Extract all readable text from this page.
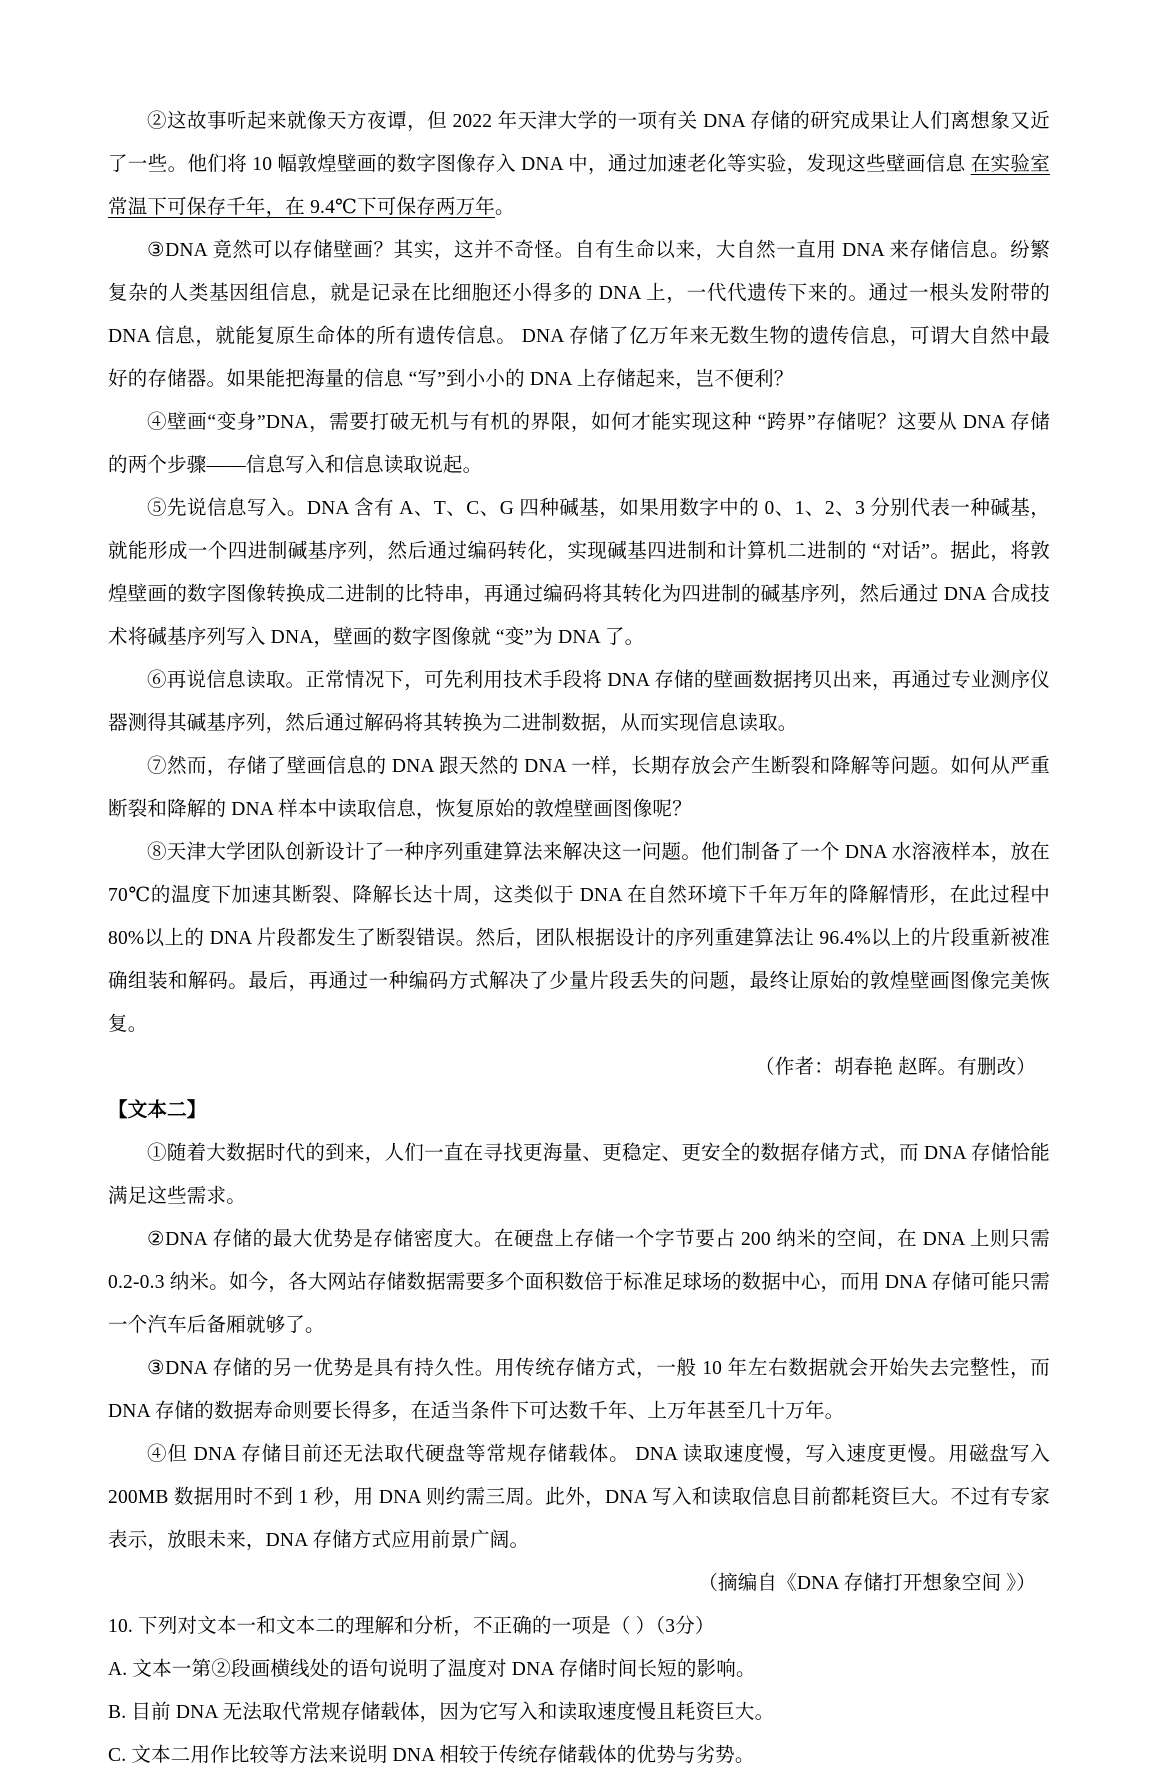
②这故事听起来就像天方夜谭，但 2022 年天津大学的一项有关 DNA 存储的研究成果让人们离想象又近了一些。他们将 10 幅敦煌壁画的数字图像存入 DNA 中，通过加速老化等实验，发现这些壁画信息 在实验室常温下可保存千年，在 9.4℃下可保存两万年。

③DNA 竟然可以存储壁画？其实，这并不奇怪。自有生命以来，大自然一直用 DNA 来存储信息。纷繁复杂的人类基因组信息，就是记录在比细胞还小得多的 DNA 上，一代代遗传下来的。通过一根头发附带的 DNA 信息，就能复原生命体的所有遗传信息。 DNA 存储了亿万年来无数生物的遗传信息，可谓大自然中最好的存储器。如果能把海量的信息 “写”到小小的 DNA 上存储起来，岂不便利？

④壁画“变身”DNA，需要打破无机与有机的界限，如何才能实现这种 “跨界”存储呢？这要从 DNA 存储的两个步骤——信息写入和信息读取说起。

⑤先说信息写入。DNA 含有 A、T、C、G 四种碱基，如果用数字中的 0、1、2、3 分别代表一种碱基，就能形成一个四进制碱基序列，然后通过编码转化，实现碱基四进制和计算机二进制的 “对话”。据此，将敦煌壁画的数字图像转换成二进制的比特串，再通过编码将其转化为四进制的碱基序列，然后通过 DNA 合成技术将碱基序列写入 DNA，壁画的数字图像就 “变”为 DNA 了。

⑥再说信息读取。正常情况下，可先利用技术手段将 DNA 存储的壁画数据拷贝出来，再通过专业测序仪器测得其碱基序列，然后通过解码将其转换为二进制数据，从而实现信息读取。

⑦然而，存储了壁画信息的 DNA 跟天然的 DNA 一样，长期存放会产生断裂和降解等问题。如何从严重断裂和降解的 DNA 样本中读取信息，恢复原始的敦煌壁画图像呢？

⑧天津大学团队创新设计了一种序列重建算法来解决这一问题。他们制备了一个 DNA 水溶液样本，放在70℃的温度下加速其断裂、降解长达十周，这类似于 DNA 在自然环境下千年万年的降解情形，在此过程中 80%以上的 DNA 片段都发生了断裂错误。然后，团队根据设计的序列重建算法让 96.4%以上的片段重新被准确组装和解码。最后，再通过一种编码方式解决了少量片段丢失的问题，最终让原始的敦煌壁画图像完美恢复。

（作者：胡春艳 赵晖。有删改）

【文本二】

①随着大数据时代的到来，人们一直在寻找更海量、更稳定、更安全的数据存储方式，而 DNA 存储恰能满足这些需求。

②DNA 存储的最大优势是存储密度大。在硬盘上存储一个字节要占 200 纳米的空间，在 DNA 上则只需0.2-0.3 纳米。如今，各大网站存储数据需要多个面积数倍于标准足球场的数据中心，而用 DNA 存储可能只需一个汽车后备厢就够了。

③DNA 存储的另一优势是具有持久性。用传统存储方式，一般 10 年左右数据就会开始失去完整性，而DNA 存储的数据寿命则要长得多，在适当条件下可达数千年、上万年甚至几十万年。

④但 DNA 存储目前还无法取代硬盘等常规存储载体。 DNA 读取速度慢，写入速度更慢。用磁盘写入 200MB 数据用时不到 1 秒，用 DNA 则约需三周。此外，DNA 写入和读取信息目前都耗资巨大。不过有专家表示，放眼未来，DNA 存储方式应用前景广阔。

（摘编自《DNA 存储打开想象空间 》）

10. 下列对文本一和文本二的理解和分析，不正确的一项是（ ）（3分）

A. 文本一第②段画横线处的语句说明了温度对 DNA 存储时间长短的影响。

B. 目前 DNA 无法取代常规存储载体，因为它写入和读取速度慢且耗资巨大。

C. 文本二用作比较等方法来说明 DNA 相较于传统存储载体的优势与劣势。
